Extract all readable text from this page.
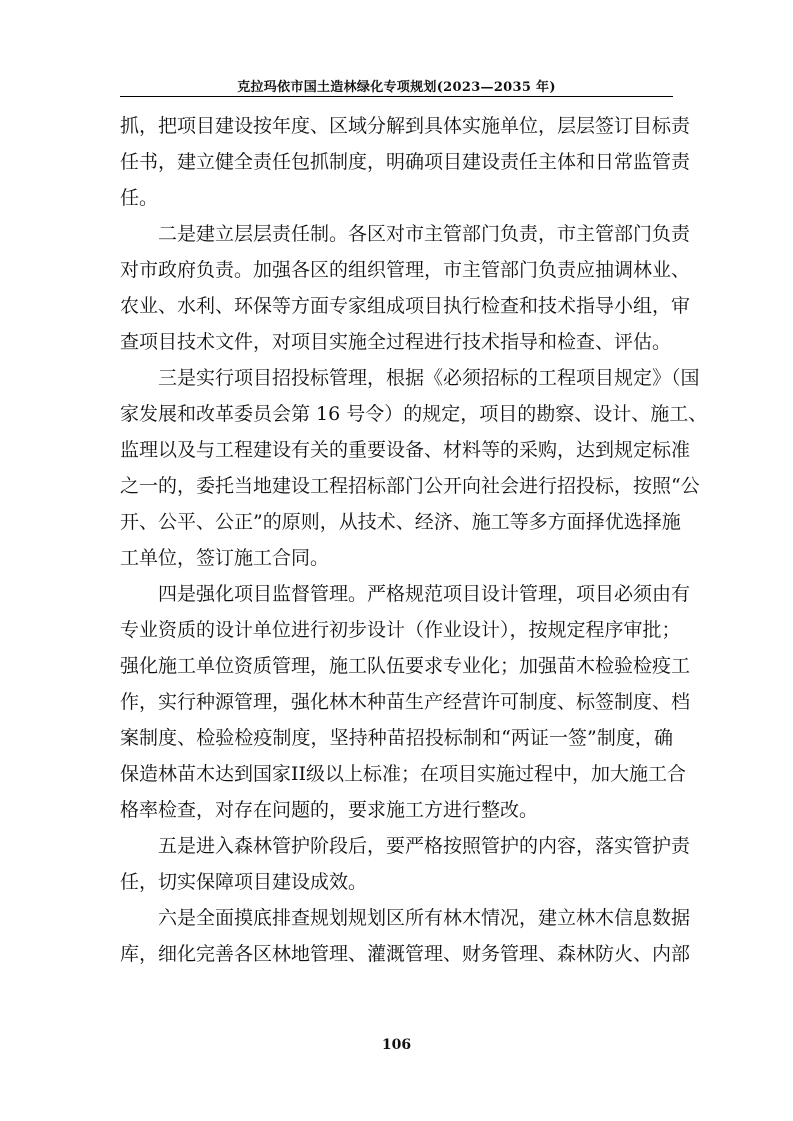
克拉玛依市国土造林绿化专项规划(2023—2035 年)

抓，把项目建设按年度、区域分解到具体实施单位，层层签订目标责
任书，建立健全责任包抓制度，明确项目建设责任主体和日常监管责
任。

二是建立层层责任制。各区对市主管部门负责，市主管部门负责
对市政府负责。加强各区的组织管理，市主管部门负责应抽调林业、
农业、水利、环保等方面专家组成项目执行检查和技术指导小组，审
查项目技术文件，对项目实施全过程进行技术指导和检查、评估。

三是实行项目招投标管理，根据《必须招标的工程项目规定》（国
家发展和改革委员会第 16 号令）的规定，项目的勘察、设计、施工、
监理以及与工程建设有关的重要设备、材料等的采购，达到规定标准
之一的，委托当地建设工程招标部门公开向社会进行招投标，按照“公
开、公平、公正”的原则，从技术、经济、施工等多方面择优选择施
工单位，签订施工合同。

四是强化项目监督管理。严格规范项目设计管理，项目必须由有
专业资质的设计单位进行初步设计（作业设计），按规定程序审批；
强化施工单位资质管理，施工队伍要求专业化；加强苗木检验检疫工
作，实行种源管理，强化林木种苗生产经营许可制度、标签制度、档
案制度、检验检疫制度，坚持种苗招投标制和“两证一签”制度，确
保造林苗木达到国家II级以上标准；在项目实施过程中，加大施工合
格率检查，对存在问题的，要求施工方进行整改。

五是进入森林管护阶段后，要严格按照管护的内容，落实管护责
任，切实保障项目建设成效。

六是全面摸底排查规划规划区所有林木情况，建立林木信息数据
库，细化完善各区林地管理、灌溉管理、财务管理、森林防火、内部

106
